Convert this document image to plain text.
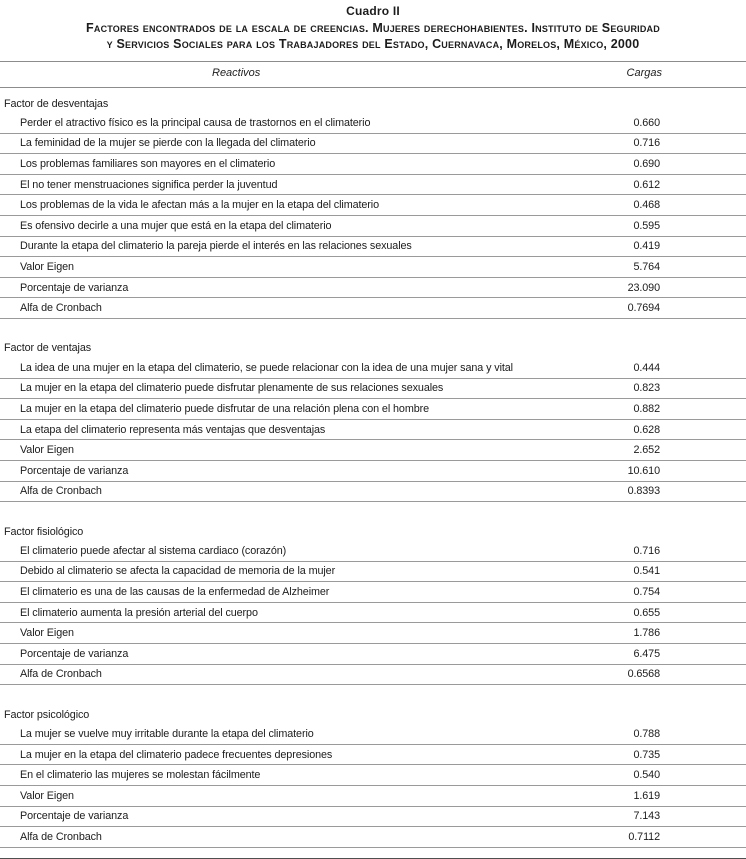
Cuadro II
Factores encontrados de la escala de creencias. Mujeres derechohabientes. Instituto de Seguridad
y Servicios Sociales para los Trabajadores del Estado, Cuernavaca, Morelos, México, 2000
Reactivos	Cargas
Factor de desventajas
Perder el atractivo físico es la principal causa de trastornos en el climaterio	0.660
La feminidad de la mujer se pierde con la llegada del climaterio	0.716
Los problemas familiares son mayores en el climaterio	0.690
El no tener menstruaciones significa perder la juventud	0.612
Los problemas de la vida le afectan más a la mujer en la etapa del climaterio	0.468
Es ofensivo decirle a una mujer que está en la etapa del climaterio	0.595
Durante la etapa del climaterio la pareja pierde el interés en las relaciones sexuales	0.419
Valor Eigen	5.764
Porcentaje de varianza	23.090
Alfa de Cronbach	0.7694
Factor de ventajas
La idea de una mujer en la etapa del climaterio, se puede relacionar con la idea de una mujer sana y vital	0.444
La mujer en la etapa del climaterio puede disfrutar plenamente de sus relaciones sexuales	0.823
La mujer en la etapa del climaterio puede disfrutar de una relación plena con el hombre	0.882
La etapa del climaterio representa más ventajas que desventajas	0.628
Valor Eigen	2.652
Porcentaje de varianza	10.610
Alfa de Cronbach	0.8393
Factor fisiológico
El climaterio puede afectar al sistema cardiaco (corazón)	0.716
Debido al climaterio se afecta la capacidad de memoria de la mujer	0.541
El climaterio es una de las causas de la enfermedad de Alzheimer	0.754
El climaterio aumenta la presión arterial del cuerpo	0.655
Valor Eigen	1.786
Porcentaje de varianza	6.475
Alfa de Cronbach	0.6568
Factor psicológico
La mujer se vuelve muy irritable durante la etapa del climaterio	0.788
La mujer en la etapa del climaterio padece frecuentes depresiones	0.735
En el climaterio las mujeres se molestan fácilmente	0.540
Valor Eigen	1.619
Porcentaje de varianza	7.143
Alfa de Cronbach	0.7112
